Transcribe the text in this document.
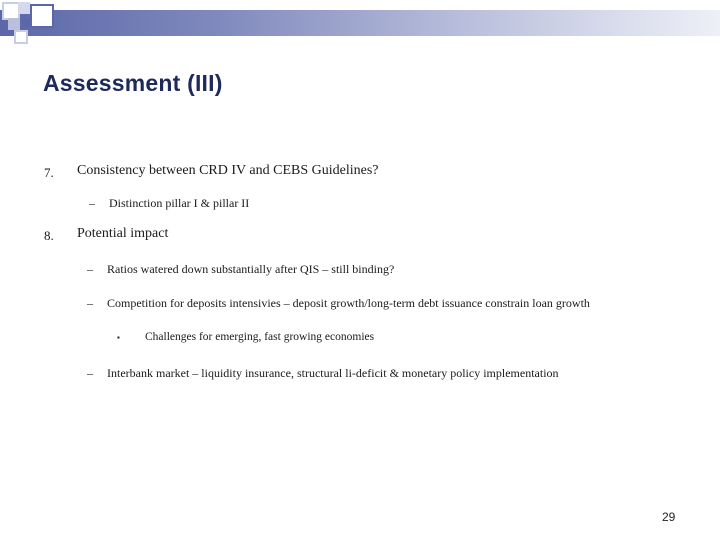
Assessment (III)
7. Consistency between CRD IV and CEBS Guidelines?
– Distinction pillar I & pillar II
8. Potential impact
– Ratios watered down substantially after QIS – still binding?
– Competition for deposits intensivies – deposit growth/long-term debt issuance constrain loan growth
▪ Challenges for emerging, fast growing economies
– Interbank market – liquidity insurance, structural li-deficit & monetary policy implementation
29
